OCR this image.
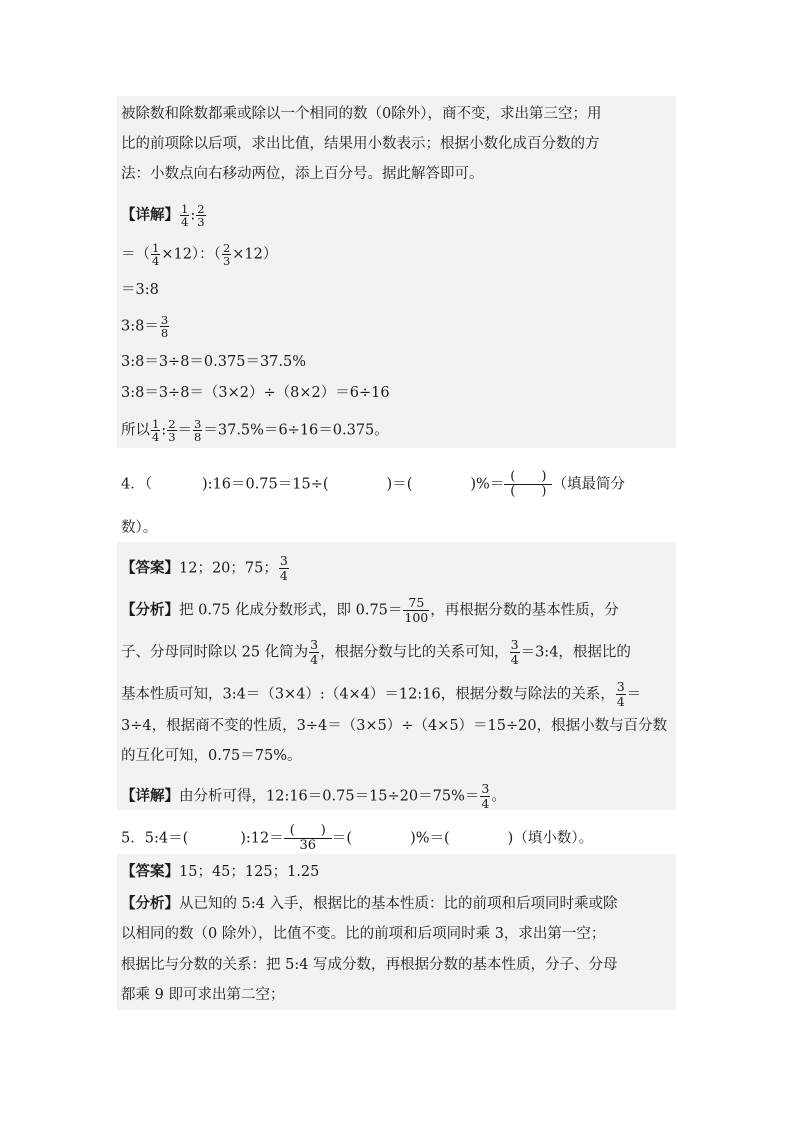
被除数和除数都乘或除以一个相同的数（0除外），商不变，求出第三空；用
比的前项除以后项，求出比值，结果用小数表示；根据小数化成百分数的方
法：小数点向右移动两位，添上百分号。据此解答即可。
【详解】 $\frac{1}{4}$ : $\frac{2}{3}$
＝（ $\frac{1}{4} \times 12$）：（ $\frac{2}{3} \times 12$）
＝3:8
3:8＝ $\frac{3}{8}$
3:8＝3÷8＝0.375＝37.5%
3:8＝3÷8＝（3×2）÷（8×2）＝6÷16
所以 $\frac{1}{4}$ : $\frac{2}{3} = \frac{3}{8} =37.5\%=6\div 16=0.375$。
4．（	):16＝0.75＝15÷(	)＝(	)%＝ $\frac{( )}{( )}$ （填最简分
数）。
【答案】12；20；75； $\frac{3}{4}$
【分析】把 0.75 化成分数形式，即 $0.75= \frac{75}{100}$ ，再根据分数的基本性质，分
子、分母同时除以 25 化简为 $\frac{3}{4}$ ，根据分数与比的关系可知， $\frac{3}{4}$ ＝3:4，根据比的
基本性质可知，3:4＝（3×4）:（4×4）＝12:16，根据分数与除法的关系， $\frac{3}{4}$ ＝
3÷4，根据商不变的性质，3÷4＝（3×5）÷（4×5）＝15÷20，根据小数与百分数
的互化可知，0.75＝75%。
【详解】由分析可得，12:16＝0.75＝15÷20＝75%＝ $\frac{3}{4}$ 。
5．5:4＝(	):12＝ $\frac{( )}{36}$ ＝(	)%＝(	)（填小数）。
【答案】15；45；125；1.25
【分析】从已知的 5:4 入手，根据比的基本性质：比的前项和后项同时乘或除
以相同的数（0 除外），比值不变。比的前项和后项同时乘 3，求出第一空；
根据比与分数的关系：把 5:4 写成分数，再根据分数的基本性质，分子、分母
都乘 9 即可求出第二空；
